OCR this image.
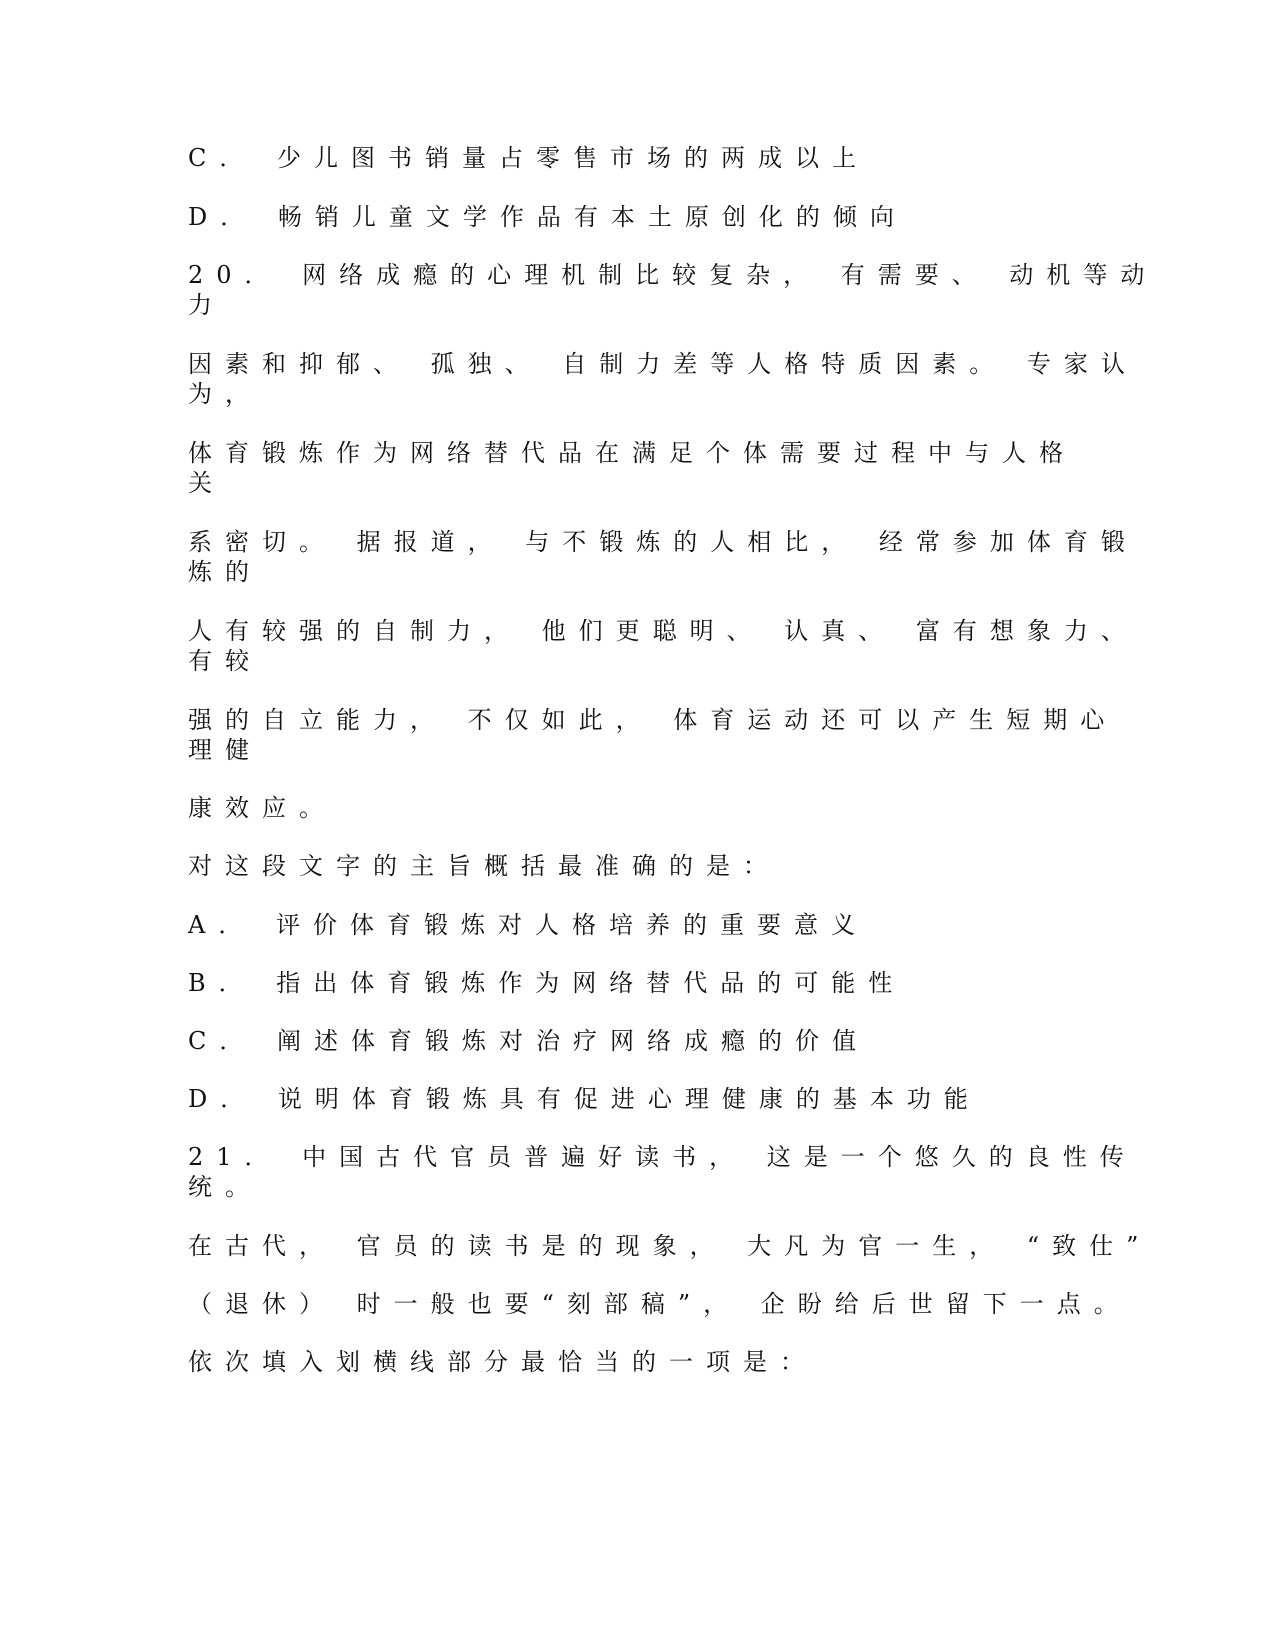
C． 少儿图书销量占零售市场的两成以上
D． 畅销儿童文学作品有本土原创化的倾向
20． 网络成瘾的心理机制比较复杂， 有需要、 动机等动
力
因素和抑郁、 孤独、 自制力差等人格特质因素。 专家认
为，
体育锻炼作为网络替代品在满足个体需要过程中与人格
关
系密切。 据报道， 与不锻炼的人相比， 经常参加体育锻
炼的
人有较强的自制力， 他们更聪明、 认真、 富有想象力、
有较
强的自立能力， 不仅如此， 体育运动还可以产生短期心
理健
康效应。
对这段文字的主旨概括最准确的是：
A． 评价体育锻炼对人格培养的重要意义
B． 指出体育锻炼作为网络替代品的可能性
C． 阐述体育锻炼对治疗网络成瘾的价值
D． 说明体育锻炼具有促进心理健康的基本功能
21． 中国古代官员普遍好读书， 这是一个悠久的良性传
统。
在古代， 官员的读书是的现象， 大凡为官一生， “致仕”
（退休） 时一般也要“刻部稿”， 企盼给后世留下一点。
依次填入划横线部分最恰当的一项是：
